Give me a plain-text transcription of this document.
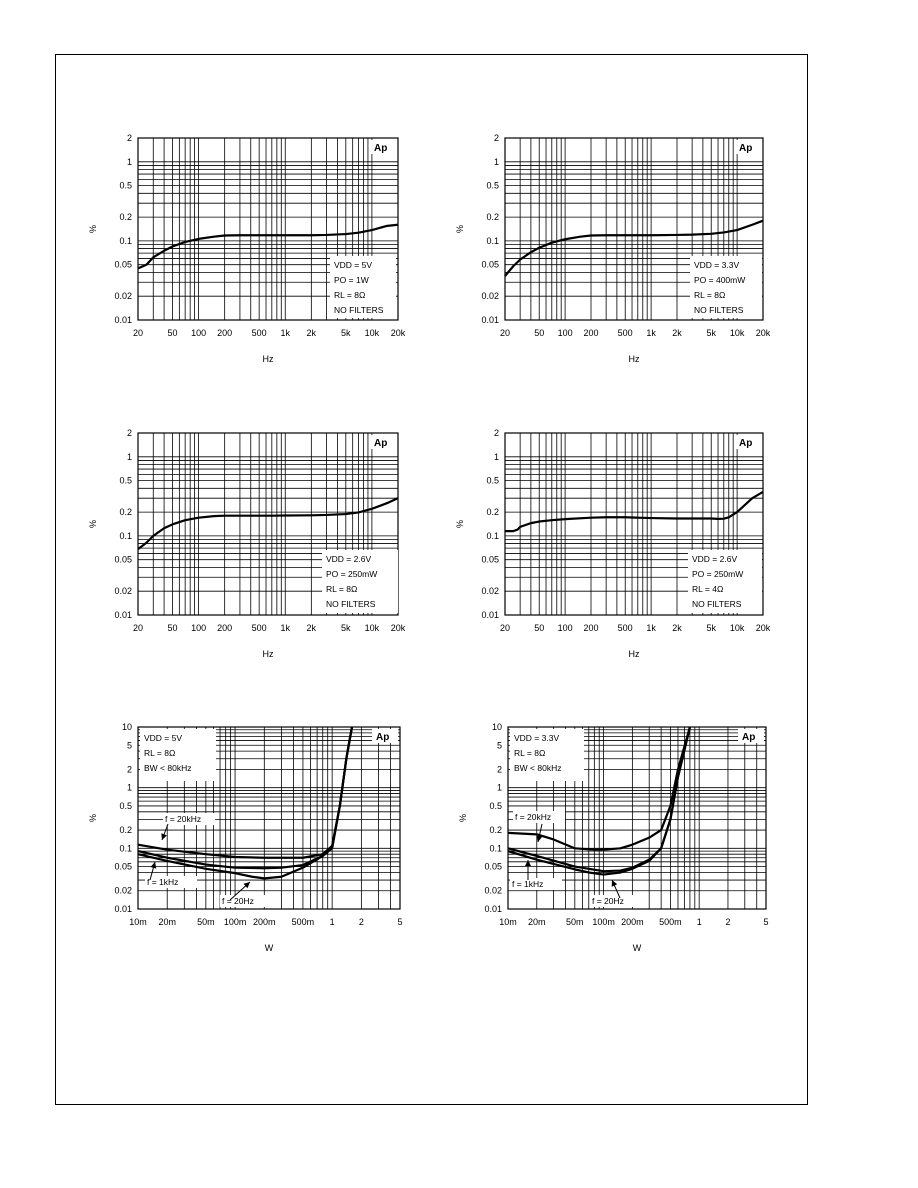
20	50 100 200 500 1k 2k	5k 10k 20k
2
1
0.5
0.2
0.1
0.05
0.02
0.01
Hz
%
Ap
VDD = 5V
PO = 1W
RL = 8Ω
NO FILTERS
20	50 100 200 500 1k 2k	5k 10k 20k
2
1
0.5
0.2
0.1
0.05
0.02
0.01
Hz
%
Ap
VDD = 3.3V
PO = 400mW
RL = 8Ω
NO FILTERS
20	50 100 200 500 1k 2k	5k 10k 20k
2
1
0.5
0.2
0.1
0.05
0.02
0.01
Hz
%
Ap
VDD = 2.6V
PO = 250mW
RL = 8Ω
NO FILTERS
20	50 100 200 500 1k 2k	5k 10k 20k
2
1
0.5
0.2
0.1
0.05
0.02
0.01
Hz
%
Ap
VDD = 2.6V
PO = 250mW
RL = 4Ω
NO FILTERS
10m 20m 50m 100m 200m 500m 1	2	5
10
5
2
1
0.5
0.2
0.1
0.05
0.02
0.01
W
%
Ap
VDD = 5V
RL = 8Ω
BW < 80kHz
f = 20kHz
f = 1kHz
f = 20Hz
10m 20m 50m 100m 200m 500m 1	2	5
10
5
2
1
0.5
0.2
0.1
0.05
0.02
0.01
W
%
Ap
VDD = 3.3V
RL = 8Ω
BW < 80kHz
f = 20kHz
f = 1kHz
f = 20Hz
